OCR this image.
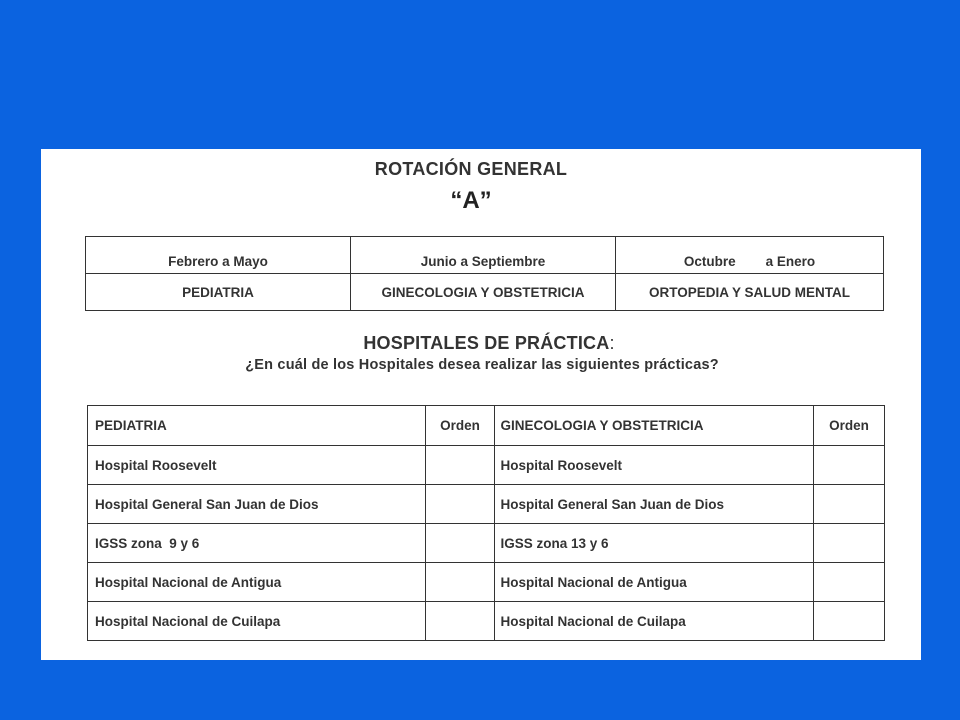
ROTACIÓN GENERAL
“A”
Febrero a Mayo	Junio a Septiembre	Octubre        a Enero
PEDIATRIA	GINECOLOGIA Y OBSTETRICIA	ORTOPEDIA Y SALUD MENTAL
HOSPITALES DE PRÁCTICA:
¿En cuál de los Hospitales desea realizar las siguientes prácticas?
PEDIATRIA	Orden		GINECOLOGIA Y OBSTETRICIA	Orden
Hospital Roosevelt			Hospital Roosevelt	
Hospital General San Juan de Dios			Hospital General San Juan de Dios	
IGSS zona  9 y 6			IGSS zona 13 y 6	
Hospital Nacional de Antigua			Hospital Nacional de Antigua	
Hospital Nacional de Cuilapa			Hospital Nacional de Cuilapa	
